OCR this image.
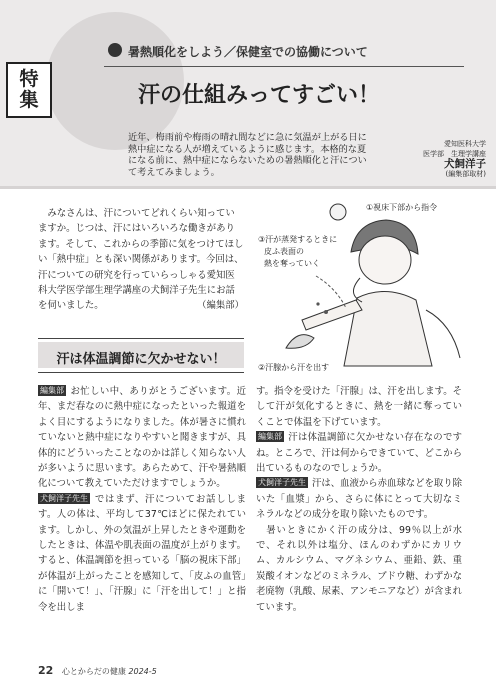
特
集
暑熱順化をしよう／保健室での協働について
汗の仕組みってすごい！

近年、梅雨前や梅雨の晴れ間などに急に気温が上がる日に熱中症になる人が増えているように感じます。本格的な夏になる前に、熱中症にならないための暑熱順化と汗について考えてみましょう。

愛知医科大学
医学部　生理学講座
犬飼洋子
(編集部取材)

みなさんは、汗についてどれくらい知っていますか。じつは、汗にはいろいろな働きがあります。そして、これからの季節に気をつけてほしい「熱中症」とも深い関係があります。今回は、汗についての研究を行っていらっしゃる愛知医科大学医学部生理学講座の犬飼洋子先生にお話を伺いました。	（編集部）

汗は体温調節に欠かせない！
①視床下部から指令
③汗が蒸発するときに
皮ふ表面の
熱を奪っていく
②汗腺から汗を出す

編集部 お忙しい中、ありがとうございます。近年、まだ春なのに熱中症になったといった報道をよく目にするようになりました。体が暑さに慣れていないと熱中症になりやすいと聞きますが、具体的にどういったことなのかは詳しく知らない人が多いように思います。あらためて、汗や暑熱順化について教えていただけますでしょうか。

犬飼洋子先生 ではまず、汗についてお話しします。人の体は、平均して37℃ほどに保たれています。しかし、外の気温が上昇したときや運動をしたときは、体温や肌表面の温度が上がります。すると、体温調節を担っている「脳の視床下部」が体温が上がったことを感知して、「皮ふの血管」に「開いて！」、「汗腺」に「汗を出して！」と指令を出しま

す。指令を受けた「汗腺」は、汗を出します。そして汗が気化するときに、熱を一緒に奪っていくことで体温を下げています。

編集部 汗は体温調節に欠かせない存在なのですね。ところで、汗は何からできていて、どこから出ているものなのでしょうか。

犬飼洋子先生 汗は、血液から赤血球などを取り除いた「血漿」から、さらに体にとって大切なミネラルなどの成分を取り除いたものです。

　暑いときにかく汗の成分は、99％以上が水で、それ以外は塩分、ほんのわずかにカリウム、カルシウム、マグネシウム、亜鉛、鉄、重炭酸イオンなどのミネラル、ブドウ糖、わずかな老廃物（乳酸、尿素、アンモニアなど）が含まれています。

22 心とからだの健康 2024-5
